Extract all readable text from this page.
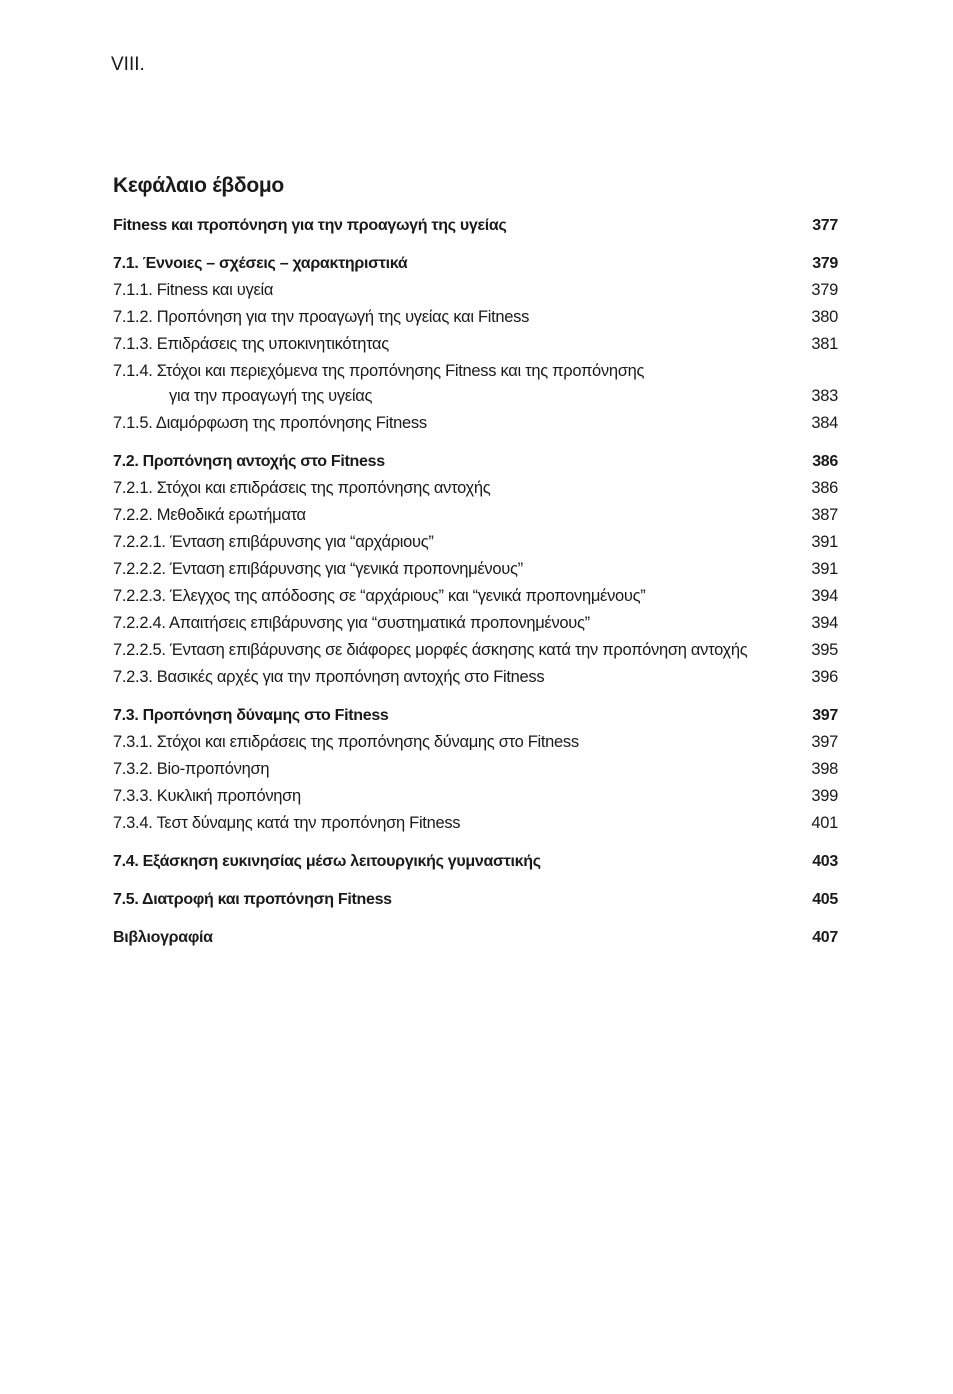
VIII.
Κεφάλαιο έβδομο
Fitness και προπόνηση για την προαγωγή της υγείας	377
7.1. Έννοιες – σχέσεις – χαρακτηριστικά	379
7.1.1. Fitness και υγεία	379
7.1.2. Προπόνηση για την προαγωγή της υγείας και Fitness	380
7.1.3. Επιδράσεις της υποκινητικότητας	381
7.1.4. Στόχοι και περιεχόμενα της προπόνησης Fitness και της προπόνησης
για την προαγωγή της υγείας	383
7.1.5. Διαμόρφωση της προπόνησης Fitness	384
7.2. Προπόνηση αντοχής στο Fitness	386
7.2.1. Στόχοι και επιδράσεις της προπόνησης αντοχής	386
7.2.2. Μεθοδικά ερωτήματα	387
7.2.2.1. Ένταση επιβάρυνσης για “αρχάριους”	391
7.2.2.2. Ένταση επιβάρυνσης για “γενικά προπονημένους”	391
7.2.2.3. Έλεγχος της απόδοσης σε “αρχάριους” και “γενικά προπονημένους”	394
7.2.2.4. Απαιτήσεις επιβάρυνσης για “συστηματικά προπονημένους”	394
7.2.2.5. Ένταση επιβάρυνσης σε διάφορες μορφές άσκησης κατά την προπόνηση αντοχής	395
7.2.3. Βασικές αρχές για την προπόνηση αντοχής στο Fitness	396
7.3. Προπόνηση δύναμης στο Fitness	397
7.3.1. Στόχοι και επιδράσεις της προπόνησης δύναμης στο Fitness	397
7.3.2. Bio-προπόνηση	398
7.3.3. Κυκλική προπόνηση	399
7.3.4. Τεστ δύναμης κατά την προπόνηση Fitness	401
7.4. Εξάσκηση ευκινησίας μέσω λειτουργικής γυμναστικής	403
7.5. Διατροφή και προπόνηση Fitness	405
Βιβλιογραφία	407
